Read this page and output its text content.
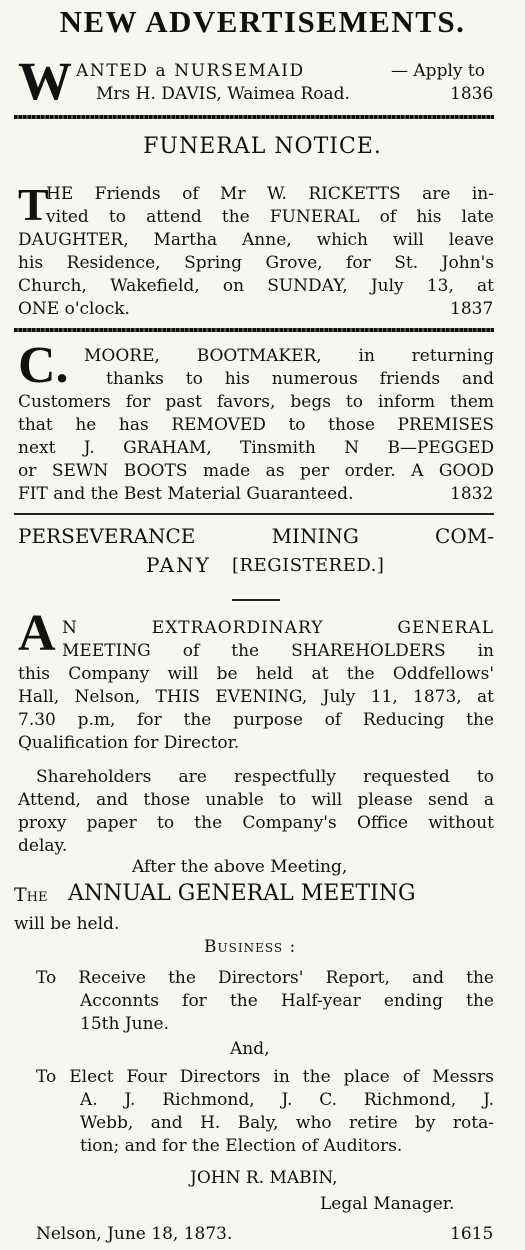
NEW ADVERTISEMENTS.
W ANTED a NURSEMAID	— Apply to
Mrs H. DAVIS, Waimea Road.	1836
FUNERAL NOTICE.
T
HE Friends of Mr W. RICKETTS are in-
vited to attend the FUNERAL of his late
DAUGHTER, Martha Anne, which will leave
his Residence, Spring Grove, for St. John's
Church, Wakefield, on SUNDAY, July 13, at
ONE o'clock.	1837
C. MOORE, BOOTMAKER, in returning
thanks to his numerous friends and
Customers for past favors, begs to inform them
that he has REMOVED to those PREMISES
next J. GRAHAM, Tinsmith N B—PEGGED
or SEWN BOOTS made as per order. A GOOD
FIT and the Best Material Guaranteed.	1832
PERSEVERANCE MINING COM-
PANY [REGISTERED.]
A N EXTRAORDINARY GENERAL
MEETING of the SHAREHOLDERS in
this Company will be held at the Oddfellows'
Hall, Nelson, THIS EVENING, July 11, 1873, at
7.30 p.m, for the purpose of Reducing the
Qualification for Director.
Shareholders are respectfully requested to
Attend, and those unable to will please send a
proxy paper to the Company's Office without
delay.
After the above Meeting,
The ANNUAL GENERAL MEETING
will be held.
Business :
To Receive the Directors' Report, and the
Acconnts for the Half-year ending the
15th June.
And,
To Elect Four Directors in the place of Messrs
A. J. Richmond, J. C. Richmond, J.
Webb, and H. Baly, who retire by rota-
tion; and for the Election of Auditors.
JOHN R. MABIN,
Legal Manager.
Nelson, June 18, 1873.	1615
